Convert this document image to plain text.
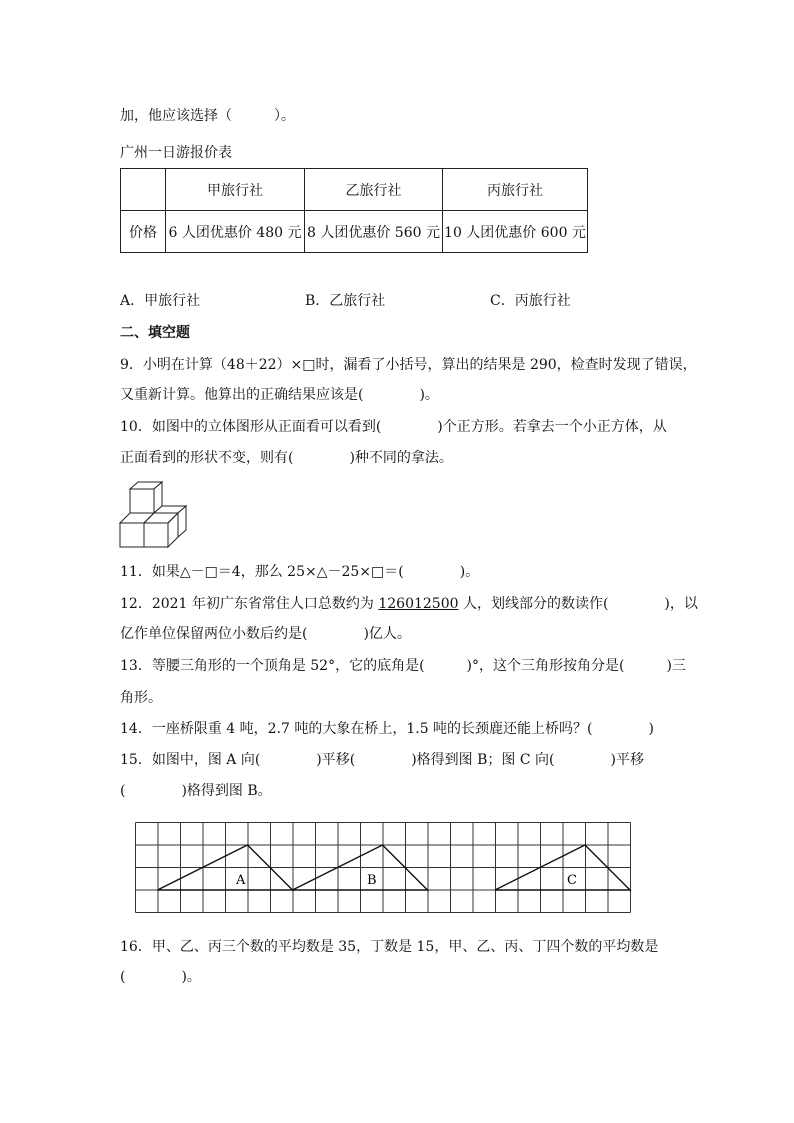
加，他应该选择（　　　）。
广州一日游报价表
	甲旅行社	乙旅行社	丙旅行社
价格	6 人团优惠价 480 元	8 人团优惠价 560 元	10 人团优惠价 600 元
A．甲旅行社	B．乙旅行社	C．丙旅行社
二、填空题
9．小明在计算（48＋22）×□时，漏看了小括号，算出的结果是 290，检查时发现了错误，
又重新计算。他算出的正确结果应该是(　　　　)。
10．如图中的立体图形从正面看可以看到(　　　　)个正方形。若拿去一个小正方体，从
正面看到的形状不变，则有(　　　　)种不同的拿法。
11．如果△－□＝4，那么 25×△－25×□＝(　　　　)。
12．2021 年初广东省常住人口总数约为 126012500 人，划线部分的数读作(　　　　)，以
亿作单位保留两位小数后约是(　　　　)亿人。
13．等腰三角形的一个顶角是 52°，它的底角是(　　　)°，这个三角形按角分是(　　　)三
角形。
14．一座桥限重 4 吨，2.7 吨的大象在桥上，1.5 吨的长颈鹿还能上桥吗？(　　　　)
15．如图中，图 A 向(　　　　)平移(　　　　)格得到图 B；图 C 向(　　　　)平移
(　　　　)格得到图 B。
A	B	C
16．甲、乙、丙三个数的平均数是 35，丁数是 15，甲、乙、丙、丁四个数的平均数是
(　　　　)。
